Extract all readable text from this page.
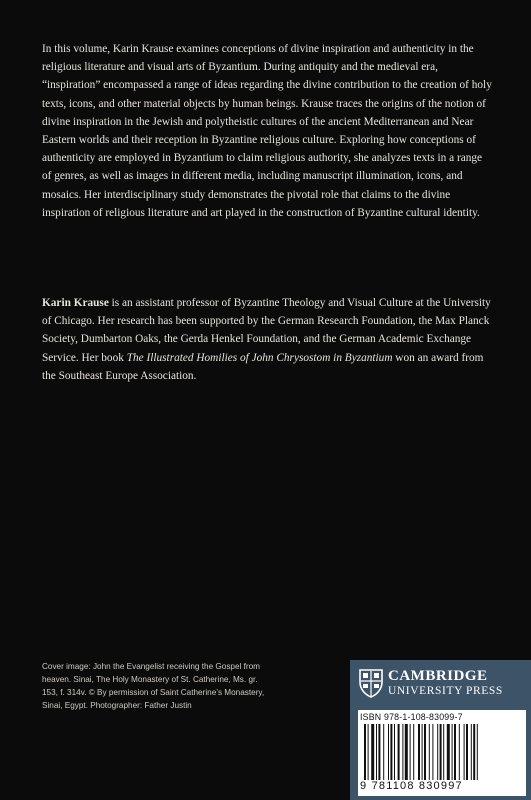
In this volume, Karin Krause examines conceptions of divine inspiration and authenticity in the religious literature and visual arts of Byzantium. During antiquity and the medieval era, “inspiration” encompassed a range of ideas regarding the divine contribution to the creation of holy texts, icons, and other material objects by human beings. Krause traces the origins of the notion of divine inspiration in the Jewish and polytheistic cultures of the ancient Mediterranean and Near Eastern worlds and their reception in Byzantine religious culture. Exploring how conceptions of authenticity are employed in Byzantium to claim religious authority, she analyzes texts in a range of genres, as well as images in different media, including manuscript illumination, icons, and mosaics. Her interdisciplinary study demonstrates the pivotal role that claims to the divine inspiration of religious literature and art played in the construction of Byzantine cultural identity.

Karin Krause is an assistant professor of Byzantine Theology and Visual Culture at the University of Chicago. Her research has been supported by the German Research Foundation, the Max Planck Society, Dumbarton Oaks, the Gerda Henkel Foundation, and the German Academic Exchange Service. Her book The Illustrated Homilies of John Chrysostom in Byzantium won an award from the Southeast Europe Association.

Cover image: John the Evangelist receiving the Gospel from heaven. Sinai, The Holy Monastery of St. Catherine, Ms. gr. 153, f. 314v. © By permission of Saint Catherine’s Monastery, Sinai, Egypt. Photographer: Father Justin

CAMBRIDGE
UNIVERSITY PRESS
ISBN 978-1-108-83099-7
9 781108 830997
